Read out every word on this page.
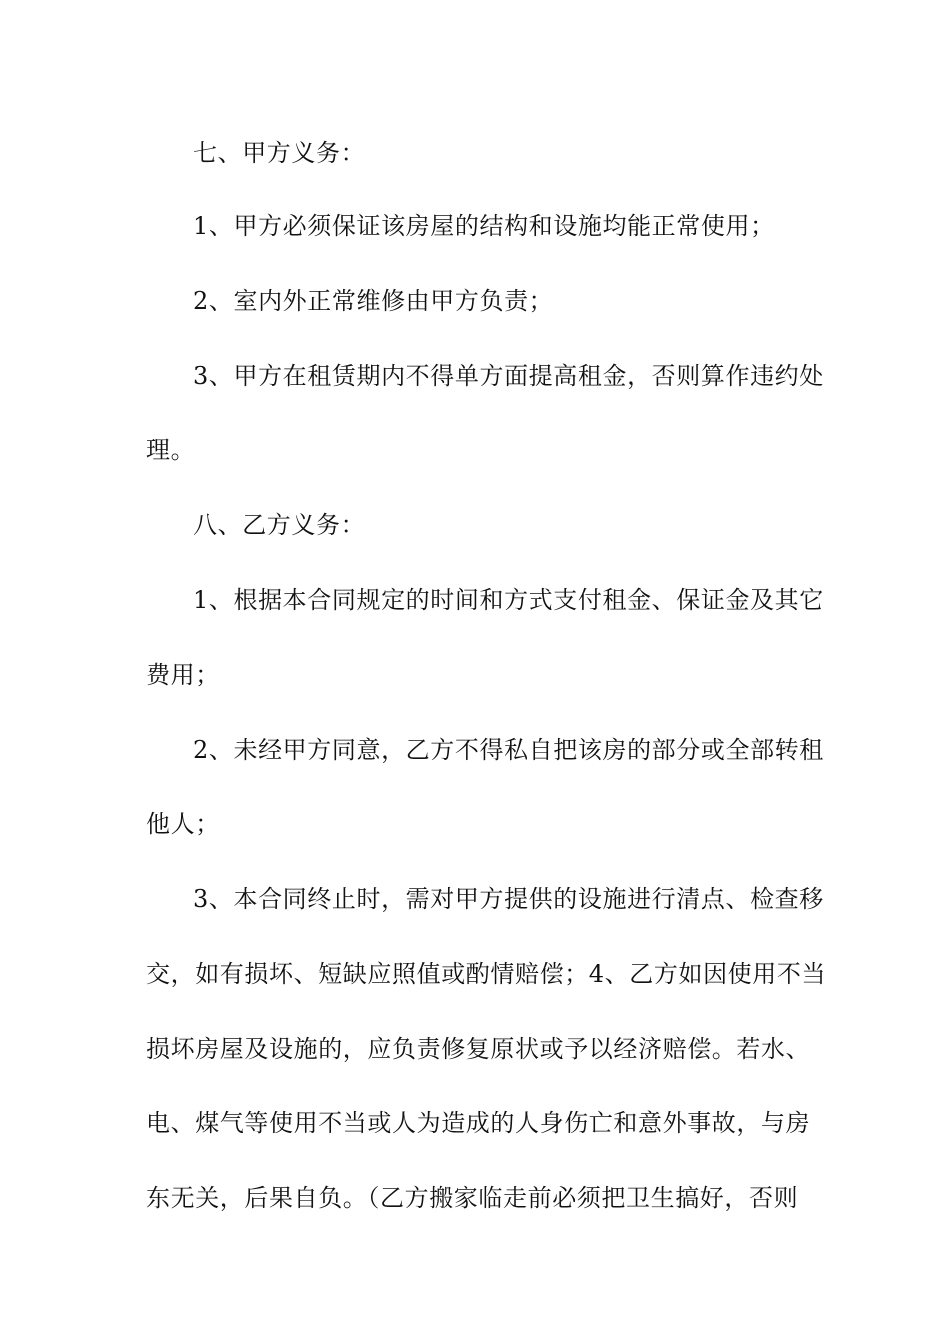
七、甲方义务：
1、甲方必须保证该房屋的结构和设施均能正常使用；
2、室内外正常维修由甲方负责；
3、甲方在租赁期内不得单方面提高租金，否则算作违约处
理。
八、乙方义务：
1、根据本合同规定的时间和方式支付租金、保证金及其它
费用；
2、未经甲方同意，乙方不得私自把该房的部分或全部转租
他人；
3、本合同终止时，需对甲方提供的设施进行清点、检查移
交，如有损坏、短缺应照值或酌情赔偿；4、乙方如因使用不当
损坏房屋及设施的，应负责修复原状或予以经济赔偿。若水、
电、煤气等使用不当或人为造成的人身伤亡和意外事故，与房
东无关，后果自负。（乙方搬家临走前必须把卫生搞好，否则
